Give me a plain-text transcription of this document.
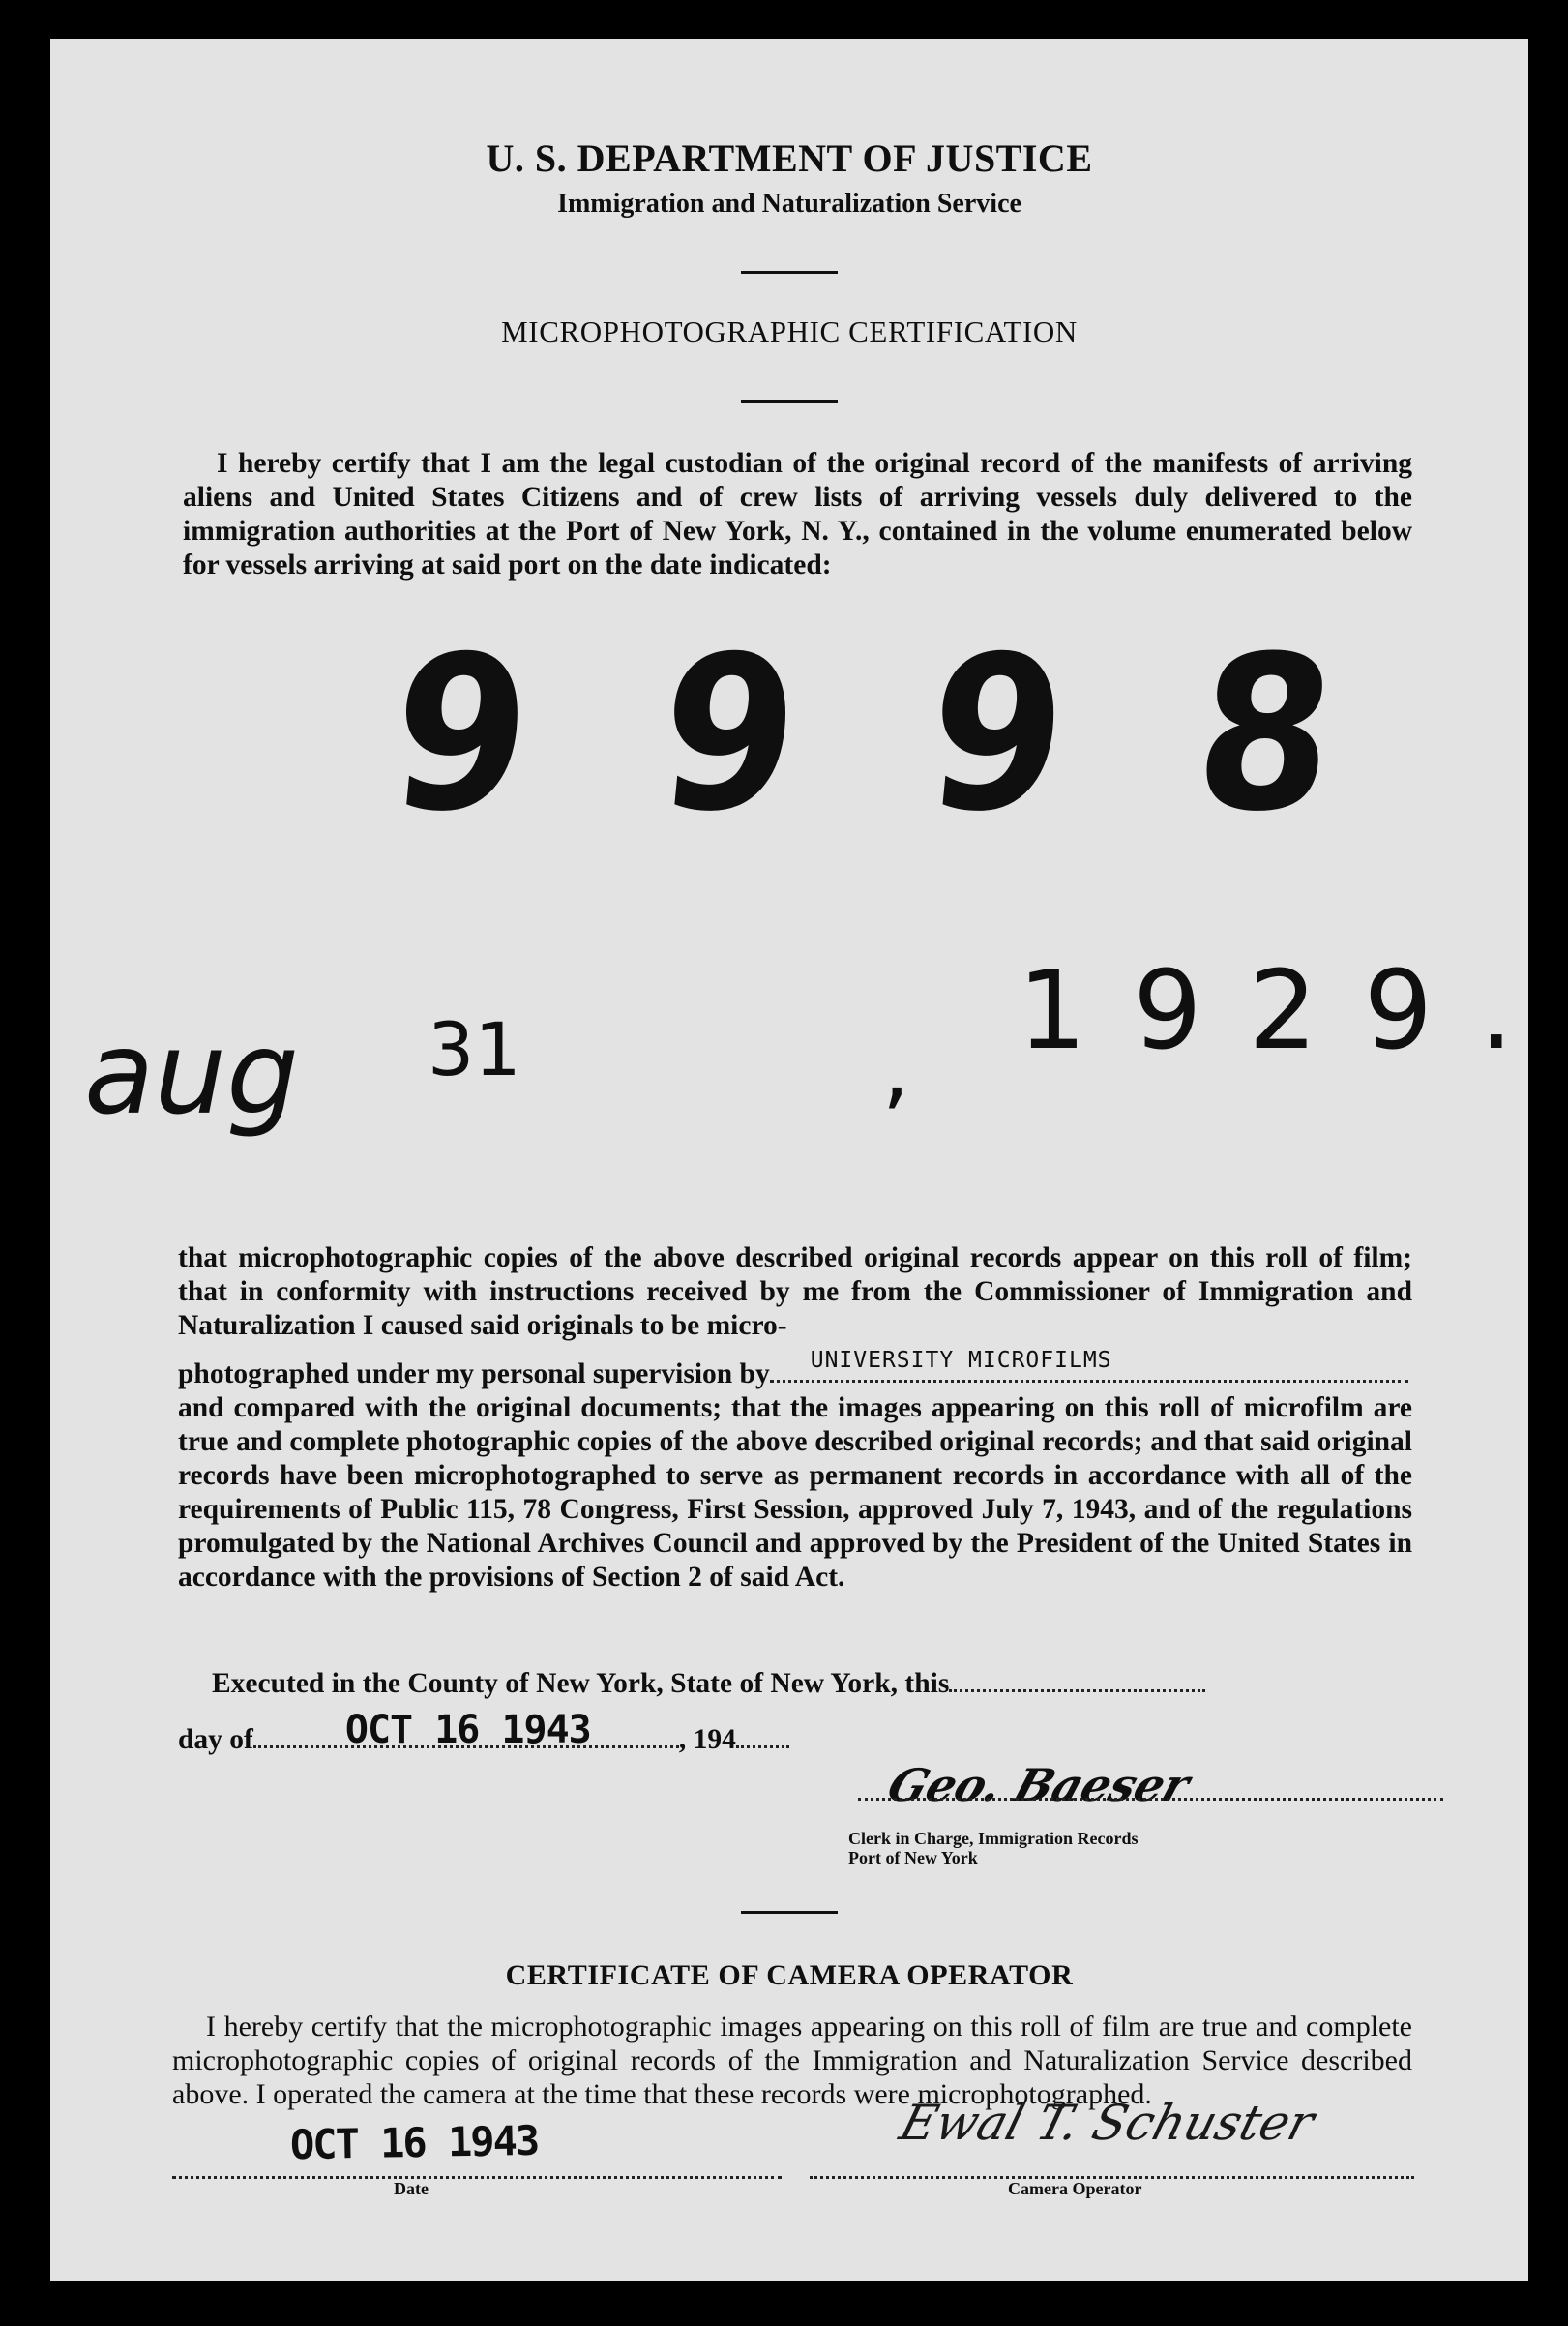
U. S. DEPARTMENT OF JUSTICE
Immigration and Naturalization Service
MICROPHOTOGRAPHIC CERTIFICATION
I hereby certify that I am the legal custodian of the original record of the manifests of arriving aliens and United States Citizens and of crew lists of arriving vessels duly delivered to the immigration authorities at the Port of New York, N. Y., contained in the volume enumerated below for vessels arriving at said port on the date indicated:
9998
aug 31	, 1929.
that microphotographic copies of the above described original records appear on this roll of film; that in conformity with instructions received by me from the Commissioner of Immigration and Naturalization I caused said originals to be micro-
photographed under my personal supervision by UNIVERSITY MICROFILMS
and compared with the original documents; that the images appearing on this roll of microfilm are true and complete photographic copies of the above described original records; and that said original records have been microphotographed to serve as permanent records in accordance with all of the requirements of Public 115, 78 Congress, First Session, approved July 7, 1943, and of the regulations promulgated by the National Archives Council and approved by the President of the United States in accordance with the provisions of Section 2 of said Act.
Executed in the County of New York, State of New York, this
day of OCT 16 1943	, 194
Geo. Baeser
Clerk in Charge, Immigration Records
Port of New York
CERTIFICATE OF CAMERA OPERATOR
I hereby certify that the microphotographic images appearing on this roll of film are true and complete microphotographic copies of original records of the Immigration and Naturalization Service described above. I operated the camera at the time that these records were microphotographed.
OCT 16 1943
Date
Ewal T. Schuster
Camera Operator
